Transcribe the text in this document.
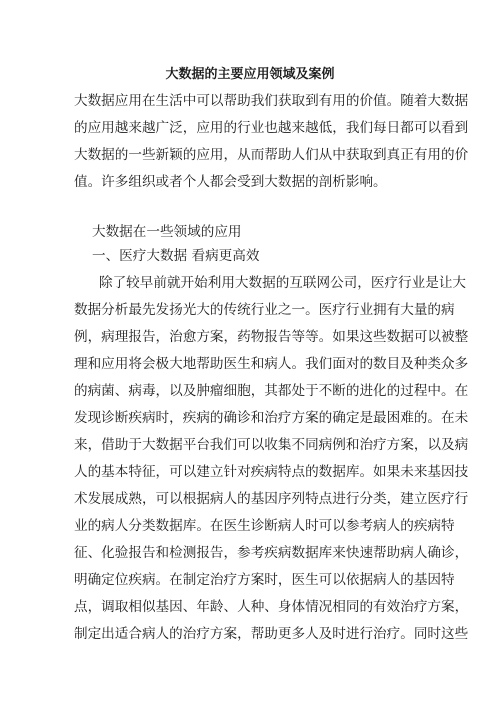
大数据的主要应用领域及案例
大数据应用在生活中可以帮助我们获取到有用的价值。随着大数据
的应用越来越广泛，应用的行业也越来越低，我们每日都可以看到
大数据的一些新颖的应用，从而帮助人们从中获取到真正有用的价
值。许多组织或者个人都会受到大数据的剖析影响。
大数据在一些领域的应用
一、医疗大数据 看病更高效
除了较早前就开始利用大数据的互联网公司，医疗行业是让大
数据分析最先发扬光大的传统行业之一。医疗行业拥有大量的病
例，病理报告，治愈方案，药物报告等等。如果这些数据可以被整
理和应用将会极大地帮助医生和病人。我们面对的数目及种类众多
的病菌、病毒，以及肿瘤细胞，其都处于不断的进化的过程中。在
发现诊断疾病时，疾病的确诊和治疗方案的确定是最困难的。在未
来，借助于大数据平台我们可以收集不同病例和治疗方案，以及病
人的基本特征，可以建立针对疾病特点的数据库。如果未来基因技
术发展成熟，可以根据病人的基因序列特点进行分类，建立医疗行
业的病人分类数据库。在医生诊断病人时可以参考病人的疾病特
征、化验报告和检测报告，参考疾病数据库来快速帮助病人确诊，
明确定位疾病。在制定治疗方案时，医生可以依据病人的基因特
点，调取相似基因、年龄、人种、身体情况相同的有效治疗方案，
制定出适合病人的治疗方案，帮助更多人及时进行治疗。同时这些
